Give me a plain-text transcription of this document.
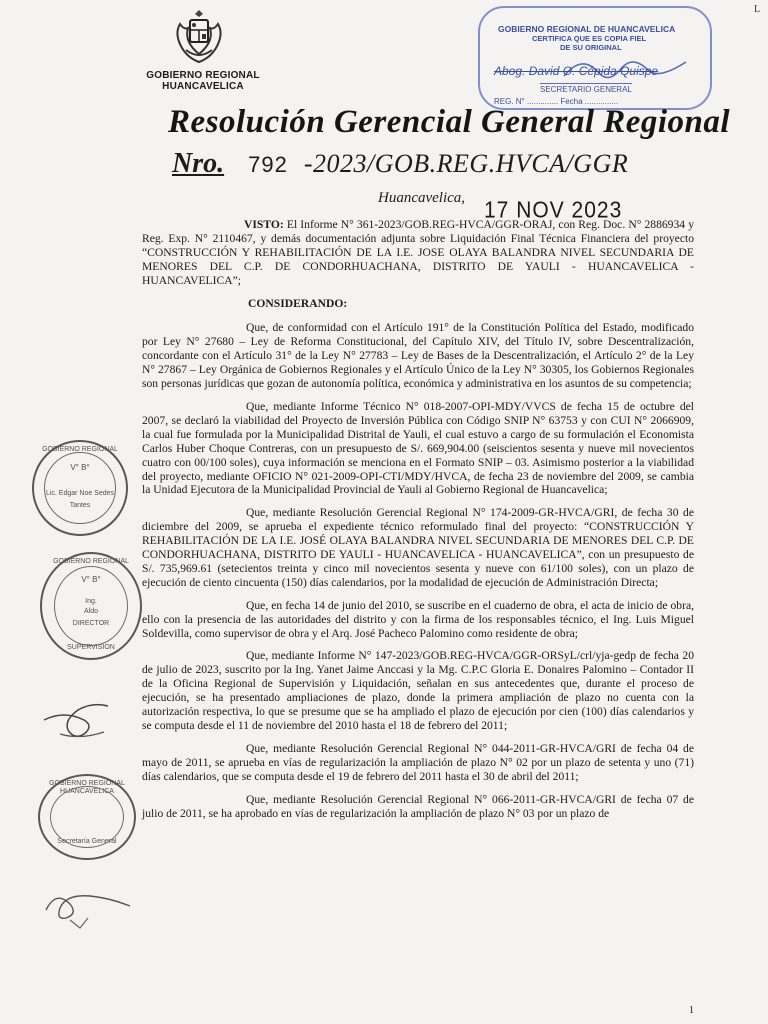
GOBIERNO REGIONAL
HUANCAVELICA
L
GOBIERNO REGIONAL DE HUANCAVELICA
CERTIFICA QUE ES COPIA FIEL
DE SU ORIGINAL
Abog. David O. Cépida Quispe
SECRETARIO GENERAL
REG. N° .............. Fecha ...............
Resolución Gerencial General Regional
Nro. 792 -2023/GOB.REG.HVCA/GGR
Huancavelica, 17 NOV 2023

VISTO: El Informe N° 361-2023/GOB.REG-HVCA/GGR-ORAJ, con Reg. Doc. N° 2886934 y Reg. Exp. N° 2110467, y demás documentación adjunta sobre Liquidación Final Técnica Financiera del proyecto “CONSTRUCCIÓN Y REHABILITACIÓN DE LA I.E. JOSE OLAYA BALANDRA NIVEL SECUNDARIA DE MENORES DEL C.P. DE CONDORHUACHANA, DISTRITO DE YAULI - HUANCAVELICA - HUANCAVELICA”;

CONSIDERANDO:

Que, de conformidad con el Artículo 191° de la Constitución Política del Estado, modificado por Ley N° 27680 – Ley de Reforma Constitucional, del Capítulo XIV, del Título IV, sobre Descentralización, concordante con el Artículo 31° de la Ley N° 27783 – Ley de Bases de la Descentralización, el Artículo 2° de la Ley N° 27867 – Ley Orgánica de Gobiernos Regionales y el Artículo Único de la Ley N° 30305, los Gobiernos Regionales son personas jurídicas que gozan de autonomía política, económica y administrativa en los asuntos de su competencia;

Que, mediante Informe Técnico N° 018-2007-OPI-MDY/VVCS de fecha 15 de octubre del 2007, se declaró la viabilidad del Proyecto de Inversión Pública con Código SNIP N° 63753 y con CUI N° 2066909, la cual fue formulada por la Municipalidad Distrital de Yauli, el cual estuvo a cargo de su formulación el Economista Carlos Huber Choque Contreras, con un presupuesto de S/. 669,904.00 (seiscientos sesenta y nueve mil novecientos cuatro con 00/100 soles), cuya información se menciona en el Formato SNIP – 03. Asimismo posterior a la viabilidad del proyecto, mediante OFICIO N° 021-2009-OPI-CTI/MDY/HVCA, de fecha 23 de noviembre del 2009, se cambia la Unidad Ejecutora de la Municipalidad Provincial de Yauli al Gobierno Regional de Huancavelica;

Que, mediante Resolución Gerencial Regional N° 174-2009-GR-HVCA/GRI, de fecha 30 de diciembre del 2009, se aprueba el expediente técnico reformulado final del proyecto: “CONSTRUCCIÓN Y REHABILITACIÓN DE LA I.E. JOSÉ OLAYA BALANDRA NIVEL SECUNDARIA DE MENORES DEL C.P. DE CONDORHUACHANA, DISTRITO DE YAULI - HUANCAVELICA - HUANCAVELICA”, con un presupuesto de S/. 735,969.61 (setecientos treinta y cinco mil novecientos sesenta y nueve con 61/100 soles), con un plazo de ejecución de ciento cincuenta (150) días calendarios, por la modalidad de ejecución de Administración Directa;

Que, en fecha 14 de junio del 2010, se suscribe en el cuaderno de obra, el acta de inicio de obra, ello con la presencia de las autoridades del distrito y con la firma de los responsables técnico, el Ing. Luis Miguel Soldevilla, como supervisor de obra y el Arq. José Pacheco Palomino como residente de obra;

Que, mediante Informe N° 147-2023/GOB.REG-HVCA/GGR-ORSyL/crl/yja-gedp de fecha 20 de julio de 2023, suscrito por la Ing. Yanet Jaime Anccasi y la Mg. C.P.C Gloria E. Donaires Palomino – Contador II de la Oficina Regional de Supervisión y Liquidación, señalan en sus antecedentes que, durante el proceso de ejecución, se ha presentado ampliaciones de plazo, donde la primera ampliación de plazo no cuenta con la autorización respectiva, lo que se presume que se ha ampliado el plazo de ejecución por cien (100) días calendarios y se computa desde el 11 de noviembre del 2010 hasta el 18 de febrero del 2011;

Que, mediante Resolución Gerencial Regional N° 044-2011-GR-HVCA/GRI de fecha 04 de mayo de 2011, se aprueba en vías de regularización la ampliación de plazo N° 02 por un plazo de setenta y uno (71) días calendarios, que se computa desde el 19 de febrero del 2011 hasta el 30 de abril del 2011;

Que, mediante Resolución Gerencial Regional N° 066-2011-GR-HVCA/GRI de fecha 07 de julio de 2011, se ha aprobado en vías de regularización la ampliación de plazo N° 03 por un plazo de

1
GOBIERNO REGIONAL
V° B°
Lic. Edgar Noe Sedes
Tantes
GOBIERNO REGIONAL
V° B°
Ing.
Aldo
DIRECTOR
SUPERVISION
GOBIERNO REGIONAL HUANCAVELICA
Secretaría General
